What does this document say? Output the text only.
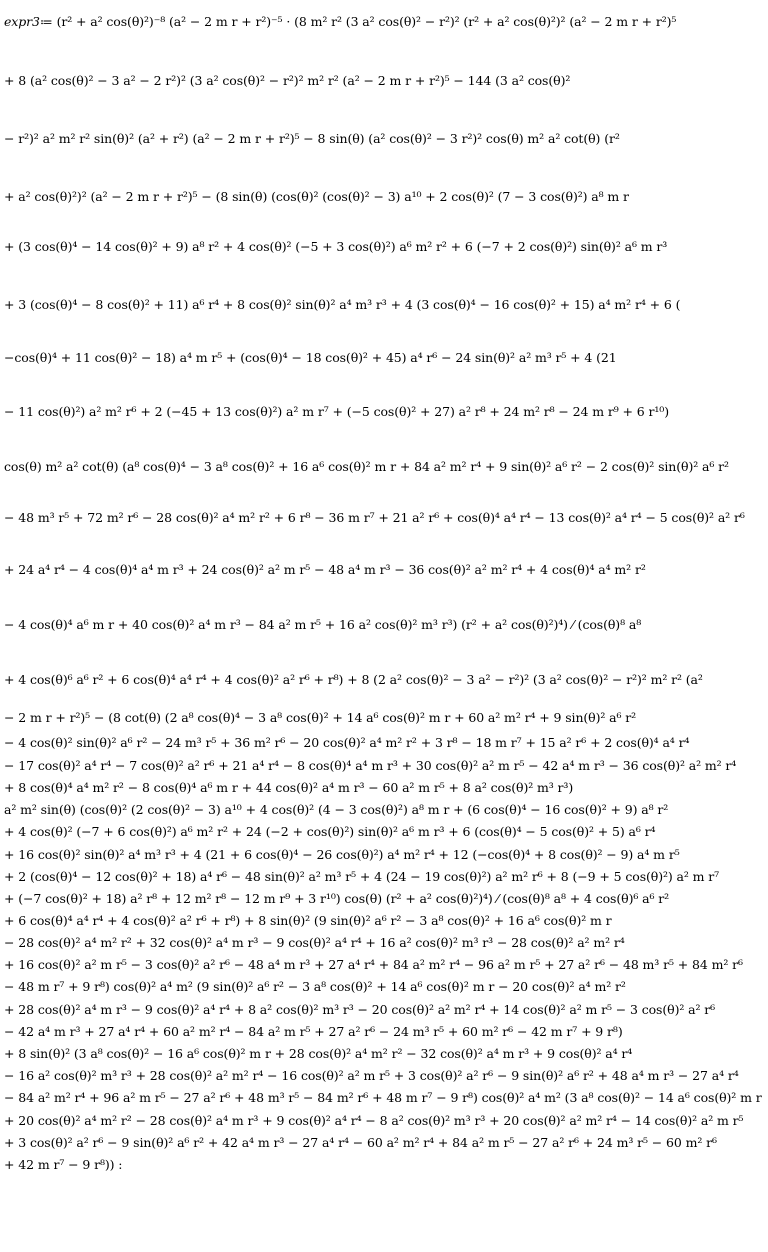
expr3≔ (r² + a² cos(θ)²)⁻⁸ (a² − 2 m r + r²)⁻⁵ · (8 m² r² (3 a² cos(θ)² − r²)² (r² + a² cos(θ)²)² (a² − 2 m r + r²)⁵
+ 8 (a² cos(θ)² − 3 a² − 2 r²)² (3 a² cos(θ)² − r²)² m² r² (a² − 2 m r + r²)⁵ − 144 (3 a² cos(θ)²
− r²)² a² m² r² sin(θ)² (a² + r²) (a² − 2 m r + r²)⁵ − 8 sin(θ) (a² cos(θ)² − 3 r²)² cos(θ) m² a² cot(θ) (r²
+ a² cos(θ)²)² (a² − 2 m r + r²)⁵ − (8 sin(θ) (cos(θ)² (cos(θ)² − 3) a¹⁰ + 2 cos(θ)² (7 − 3 cos(θ)²) a⁸ m r
+ (3 cos(θ)⁴ − 14 cos(θ)² + 9) a⁸ r² + 4 cos(θ)² (−5 + 3 cos(θ)²) a⁶ m² r² + 6 (−7 + 2 cos(θ)²) sin(θ)² a⁶ m r³
+ 3 (cos(θ)⁴ − 8 cos(θ)² + 11) a⁶ r⁴ + 8 cos(θ)² sin(θ)² a⁴ m³ r³ + 4 (3 cos(θ)⁴ − 16 cos(θ)² + 15) a⁴ m² r⁴ + 6 (
−cos(θ)⁴ + 11 cos(θ)² − 18) a⁴ m r⁵ + (cos(θ)⁴ − 18 cos(θ)² + 45) a⁴ r⁶ − 24 sin(θ)² a² m³ r⁵ + 4 (21
− 11 cos(θ)²) a² m² r⁶ + 2 (−45 + 13 cos(θ)²) a² m r⁷ + (−5 cos(θ)² + 27) a² r⁸ + 24 m² r⁸ − 24 m r⁹ + 6 r¹⁰)
cos(θ) m² a² cot(θ) (a⁸ cos(θ)⁴ − 3 a⁸ cos(θ)² + 16 a⁶ cos(θ)² m r + 84 a² m² r⁴ + 9 sin(θ)² a⁶ r² − 2 cos(θ)² sin(θ)² a⁶ r²
− 48 m³ r⁵ + 72 m² r⁶ − 28 cos(θ)² a⁴ m² r² + 6 r⁸ − 36 m r⁷ + 21 a² r⁶ + cos(θ)⁴ a⁴ r⁴ − 13 cos(θ)² a⁴ r⁴ − 5 cos(θ)² a² r⁶
+ 24 a⁴ r⁴ − 4 cos(θ)⁴ a⁴ m r³ + 24 cos(θ)² a² m r⁵ − 48 a⁴ m r³ − 36 cos(θ)² a² m² r⁴ + 4 cos(θ)⁴ a⁴ m² r²
− 4 cos(θ)⁴ a⁶ m r + 40 cos(θ)² a⁴ m r³ − 84 a² m r⁵ + 16 a² cos(θ)² m³ r³) (r² + a² cos(θ)²)⁴) ⁄ (cos(θ)⁸ a⁸
+ 4 cos(θ)⁶ a⁶ r² + 6 cos(θ)⁴ a⁴ r⁴ + 4 cos(θ)² a² r⁶ + r⁸) + 8 (2 a² cos(θ)² − 3 a² − r²)² (3 a² cos(θ)² − r²)² m² r² (a²
− 2 m r + r²)⁵ − (8 cot(θ) (2 a⁸ cos(θ)⁴ − 3 a⁸ cos(θ)² + 14 a⁶ cos(θ)² m r + 60 a² m² r⁴ + 9 sin(θ)² a⁶ r²
− 4 cos(θ)² sin(θ)² a⁶ r² − 24 m³ r⁵ + 36 m² r⁶ − 20 cos(θ)² a⁴ m² r² + 3 r⁸ − 18 m r⁷ + 15 a² r⁶ + 2 cos(θ)⁴ a⁴ r⁴
− 17 cos(θ)² a⁴ r⁴ − 7 cos(θ)² a² r⁶ + 21 a⁴ r⁴ − 8 cos(θ)⁴ a⁴ m r³ + 30 cos(θ)² a² m r⁵ − 42 a⁴ m r³ − 36 cos(θ)² a² m² r⁴
+ 8 cos(θ)⁴ a⁴ m² r² − 8 cos(θ)⁴ a⁶ m r + 44 cos(θ)² a⁴ m r³ − 60 a² m r⁵ + 8 a² cos(θ)² m³ r³)
a² m² sin(θ) (cos(θ)² (2 cos(θ)² − 3) a¹⁰ + 4 cos(θ)² (4 − 3 cos(θ)²) a⁸ m r + (6 cos(θ)⁴ − 16 cos(θ)² + 9) a⁸ r²
+ 4 cos(θ)² (−7 + 6 cos(θ)²) a⁶ m² r² + 24 (−2 + cos(θ)²) sin(θ)² a⁶ m r³ + 6 (cos(θ)⁴ − 5 cos(θ)² + 5) a⁶ r⁴
+ 16 cos(θ)² sin(θ)² a⁴ m³ r³ + 4 (21 + 6 cos(θ)⁴ − 26 cos(θ)²) a⁴ m² r⁴ + 12 (−cos(θ)⁴ + 8 cos(θ)² − 9) a⁴ m r⁵
+ 2 (cos(θ)⁴ − 12 cos(θ)² + 18) a⁴ r⁶ − 48 sin(θ)² a² m³ r⁵ + 4 (24 − 19 cos(θ)²) a² m² r⁶ + 8 (−9 + 5 cos(θ)²) a² m r⁷
+ (−7 cos(θ)² + 18) a² r⁸ + 12 m² r⁸ − 12 m r⁹ + 3 r¹⁰) cos(θ) (r² + a² cos(θ)²)⁴) ⁄ (cos(θ)⁸ a⁸ + 4 cos(θ)⁶ a⁶ r²
+ 6 cos(θ)⁴ a⁴ r⁴ + 4 cos(θ)² a² r⁶ + r⁸) + 8 sin(θ)² (9 sin(θ)² a⁶ r² − 3 a⁸ cos(θ)² + 16 a⁶ cos(θ)² m r
− 28 cos(θ)² a⁴ m² r² + 32 cos(θ)² a⁴ m r³ − 9 cos(θ)² a⁴ r⁴ + 16 a² cos(θ)² m³ r³ − 28 cos(θ)² a² m² r⁴
+ 16 cos(θ)² a² m r⁵ − 3 cos(θ)² a² r⁶ − 48 a⁴ m r³ + 27 a⁴ r⁴ + 84 a² m² r⁴ − 96 a² m r⁵ + 27 a² r⁶ − 48 m³ r⁵ + 84 m² r⁶
− 48 m r⁷ + 9 r⁸) cos(θ)² a⁴ m² (9 sin(θ)² a⁶ r² − 3 a⁸ cos(θ)² + 14 a⁶ cos(θ)² m r − 20 cos(θ)² a⁴ m² r²
+ 28 cos(θ)² a⁴ m r³ − 9 cos(θ)² a⁴ r⁴ + 8 a² cos(θ)² m³ r³ − 20 cos(θ)² a² m² r⁴ + 14 cos(θ)² a² m r⁵ − 3 cos(θ)² a² r⁶
− 42 a⁴ m r³ + 27 a⁴ r⁴ + 60 a² m² r⁴ − 84 a² m r⁵ + 27 a² r⁶ − 24 m³ r⁵ + 60 m² r⁶ − 42 m r⁷ + 9 r⁸)
+ 8 sin(θ)² (3 a⁸ cos(θ)² − 16 a⁶ cos(θ)² m r + 28 cos(θ)² a⁴ m² r² − 32 cos(θ)² a⁴ m r³ + 9 cos(θ)² a⁴ r⁴
− 16 a² cos(θ)² m³ r³ + 28 cos(θ)² a² m² r⁴ − 16 cos(θ)² a² m r⁵ + 3 cos(θ)² a² r⁶ − 9 sin(θ)² a⁶ r² + 48 a⁴ m r³ − 27 a⁴ r⁴
− 84 a² m² r⁴ + 96 a² m r⁵ − 27 a² r⁶ + 48 m³ r⁵ − 84 m² r⁶ + 48 m r⁷ − 9 r⁸) cos(θ)² a⁴ m² (3 a⁸ cos(θ)² − 14 a⁶ cos(θ)² m r
+ 20 cos(θ)² a⁴ m² r² − 28 cos(θ)² a⁴ m r³ + 9 cos(θ)² a⁴ r⁴ − 8 a² cos(θ)² m³ r³ + 20 cos(θ)² a² m² r⁴ − 14 cos(θ)² a² m r⁵
+ 3 cos(θ)² a² r⁶ − 9 sin(θ)² a⁶ r² + 42 a⁴ m r³ − 27 a⁴ r⁴ − 60 a² m² r⁴ + 84 a² m r⁵ − 27 a² r⁶ + 24 m³ r⁵ − 60 m² r⁶
+ 42 m r⁷ − 9 r⁸)) :
